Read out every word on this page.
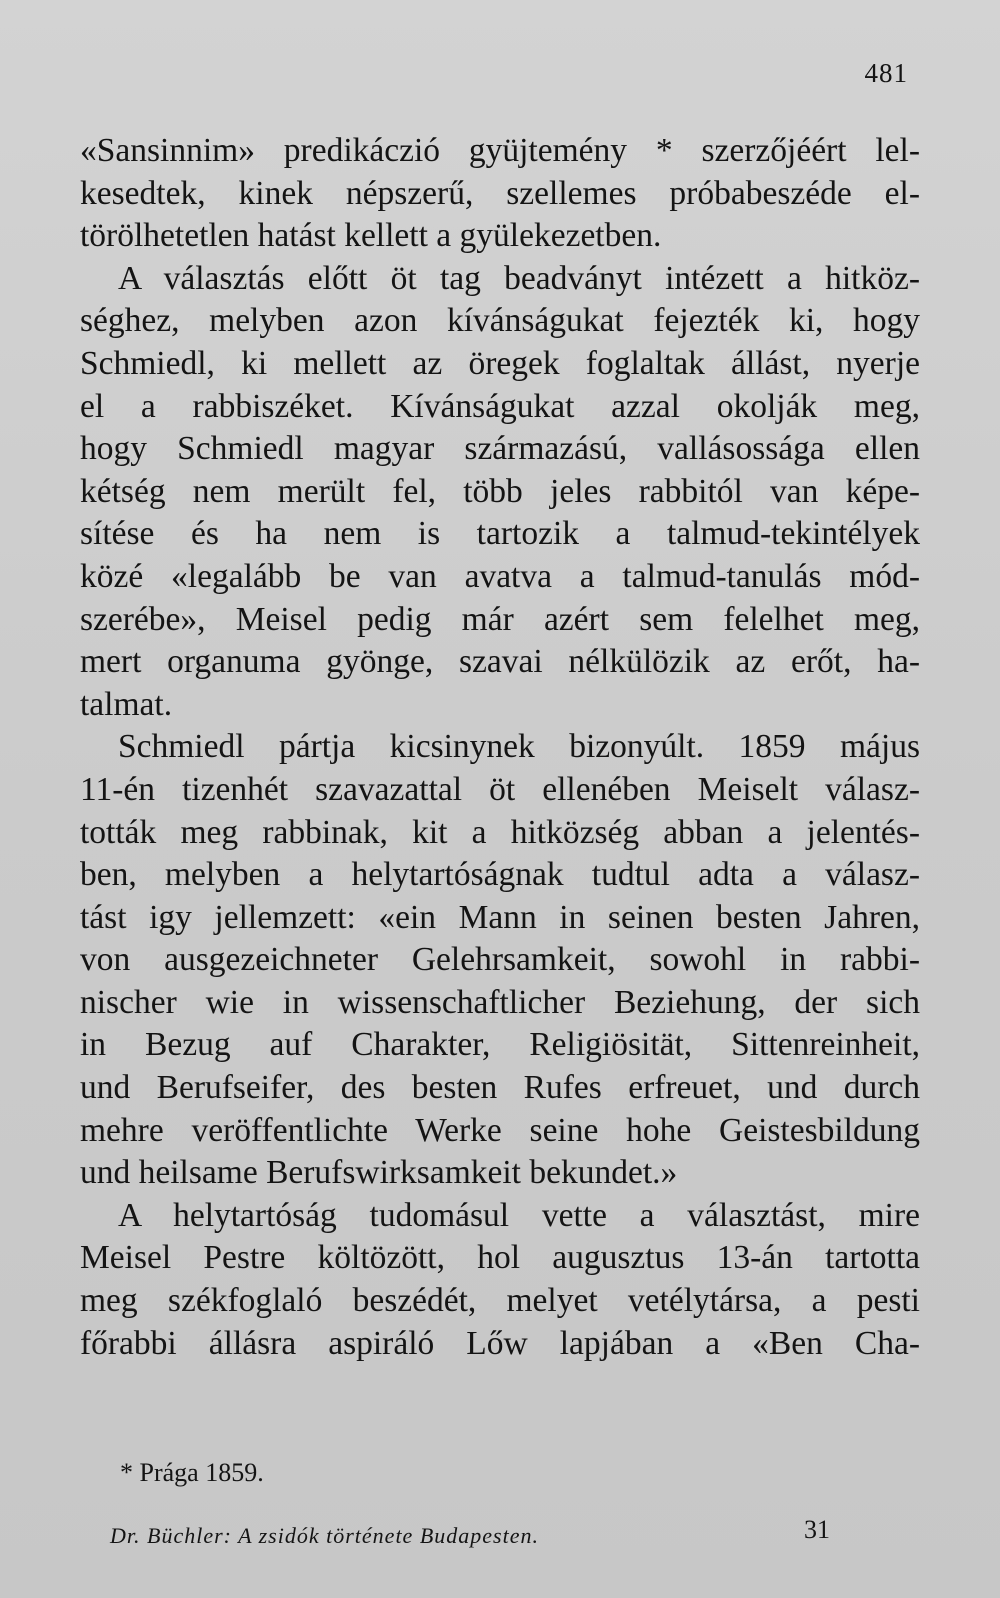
481
«Sansinnim» predikáczió gyüjtemény * szerzőjéért lel-
kesedtek, kinek népszerű, szellemes próbabeszéde el-
törölhetetlen hatást kellett a gyülekezetben.
A választás előtt öt tag beadványt intézett a hitköz-
séghez, melyben azon kívánságukat fejezték ki, hogy
Schmiedl, ki mellett az öregek foglaltak állást, nyerje
el a rabbiszéket. Kívánságukat azzal okolják meg,
hogy Schmiedl magyar származású, vallásossága ellen
kétség nem merült fel, több jeles rabbitól van képe-
sítése és ha nem is tartozik a talmud-tekintélyek
közé «legalább be van avatva a talmud-tanulás mód-
szerébe», Meisel pedig már azért sem felelhet meg,
mert organuma gyönge, szavai nélkülözik az erőt, ha-
talmat.
Schmiedl pártja kicsinynek bizonyúlt. 1859 május
11-én tizenhét szavazattal öt ellenében Meiselt válasz-
tották meg rabbinak, kit a hitközség abban a jelentés-
ben, melyben a helytartóságnak tudtul adta a válasz-
tást igy jellemzett: «ein Mann in seinen besten Jahren,
von ausgezeichneter Gelehrsamkeit, sowohl in rabbi-
nischer wie in wissenschaftlicher Beziehung, der sich
in Bezug auf Charakter, Religiösität, Sittenreinheit,
und Berufseifer, des besten Rufes erfreuet, und durch
mehre veröffentlichte Werke seine hohe Geistesbildung
und heilsame Berufswirksamkeit bekundet.»
A helytartóság tudomásul vette a választást, mire
Meisel Pestre költözött, hol augusztus 13-án tartotta
meg székfoglaló beszédét, melyet vetélytársa, a pesti
főrabbi állásra aspiráló Lőw lapjában a «Ben Cha-
* Prága 1859.
Dr. Büchler: A zsidók története Budapesten.	31
